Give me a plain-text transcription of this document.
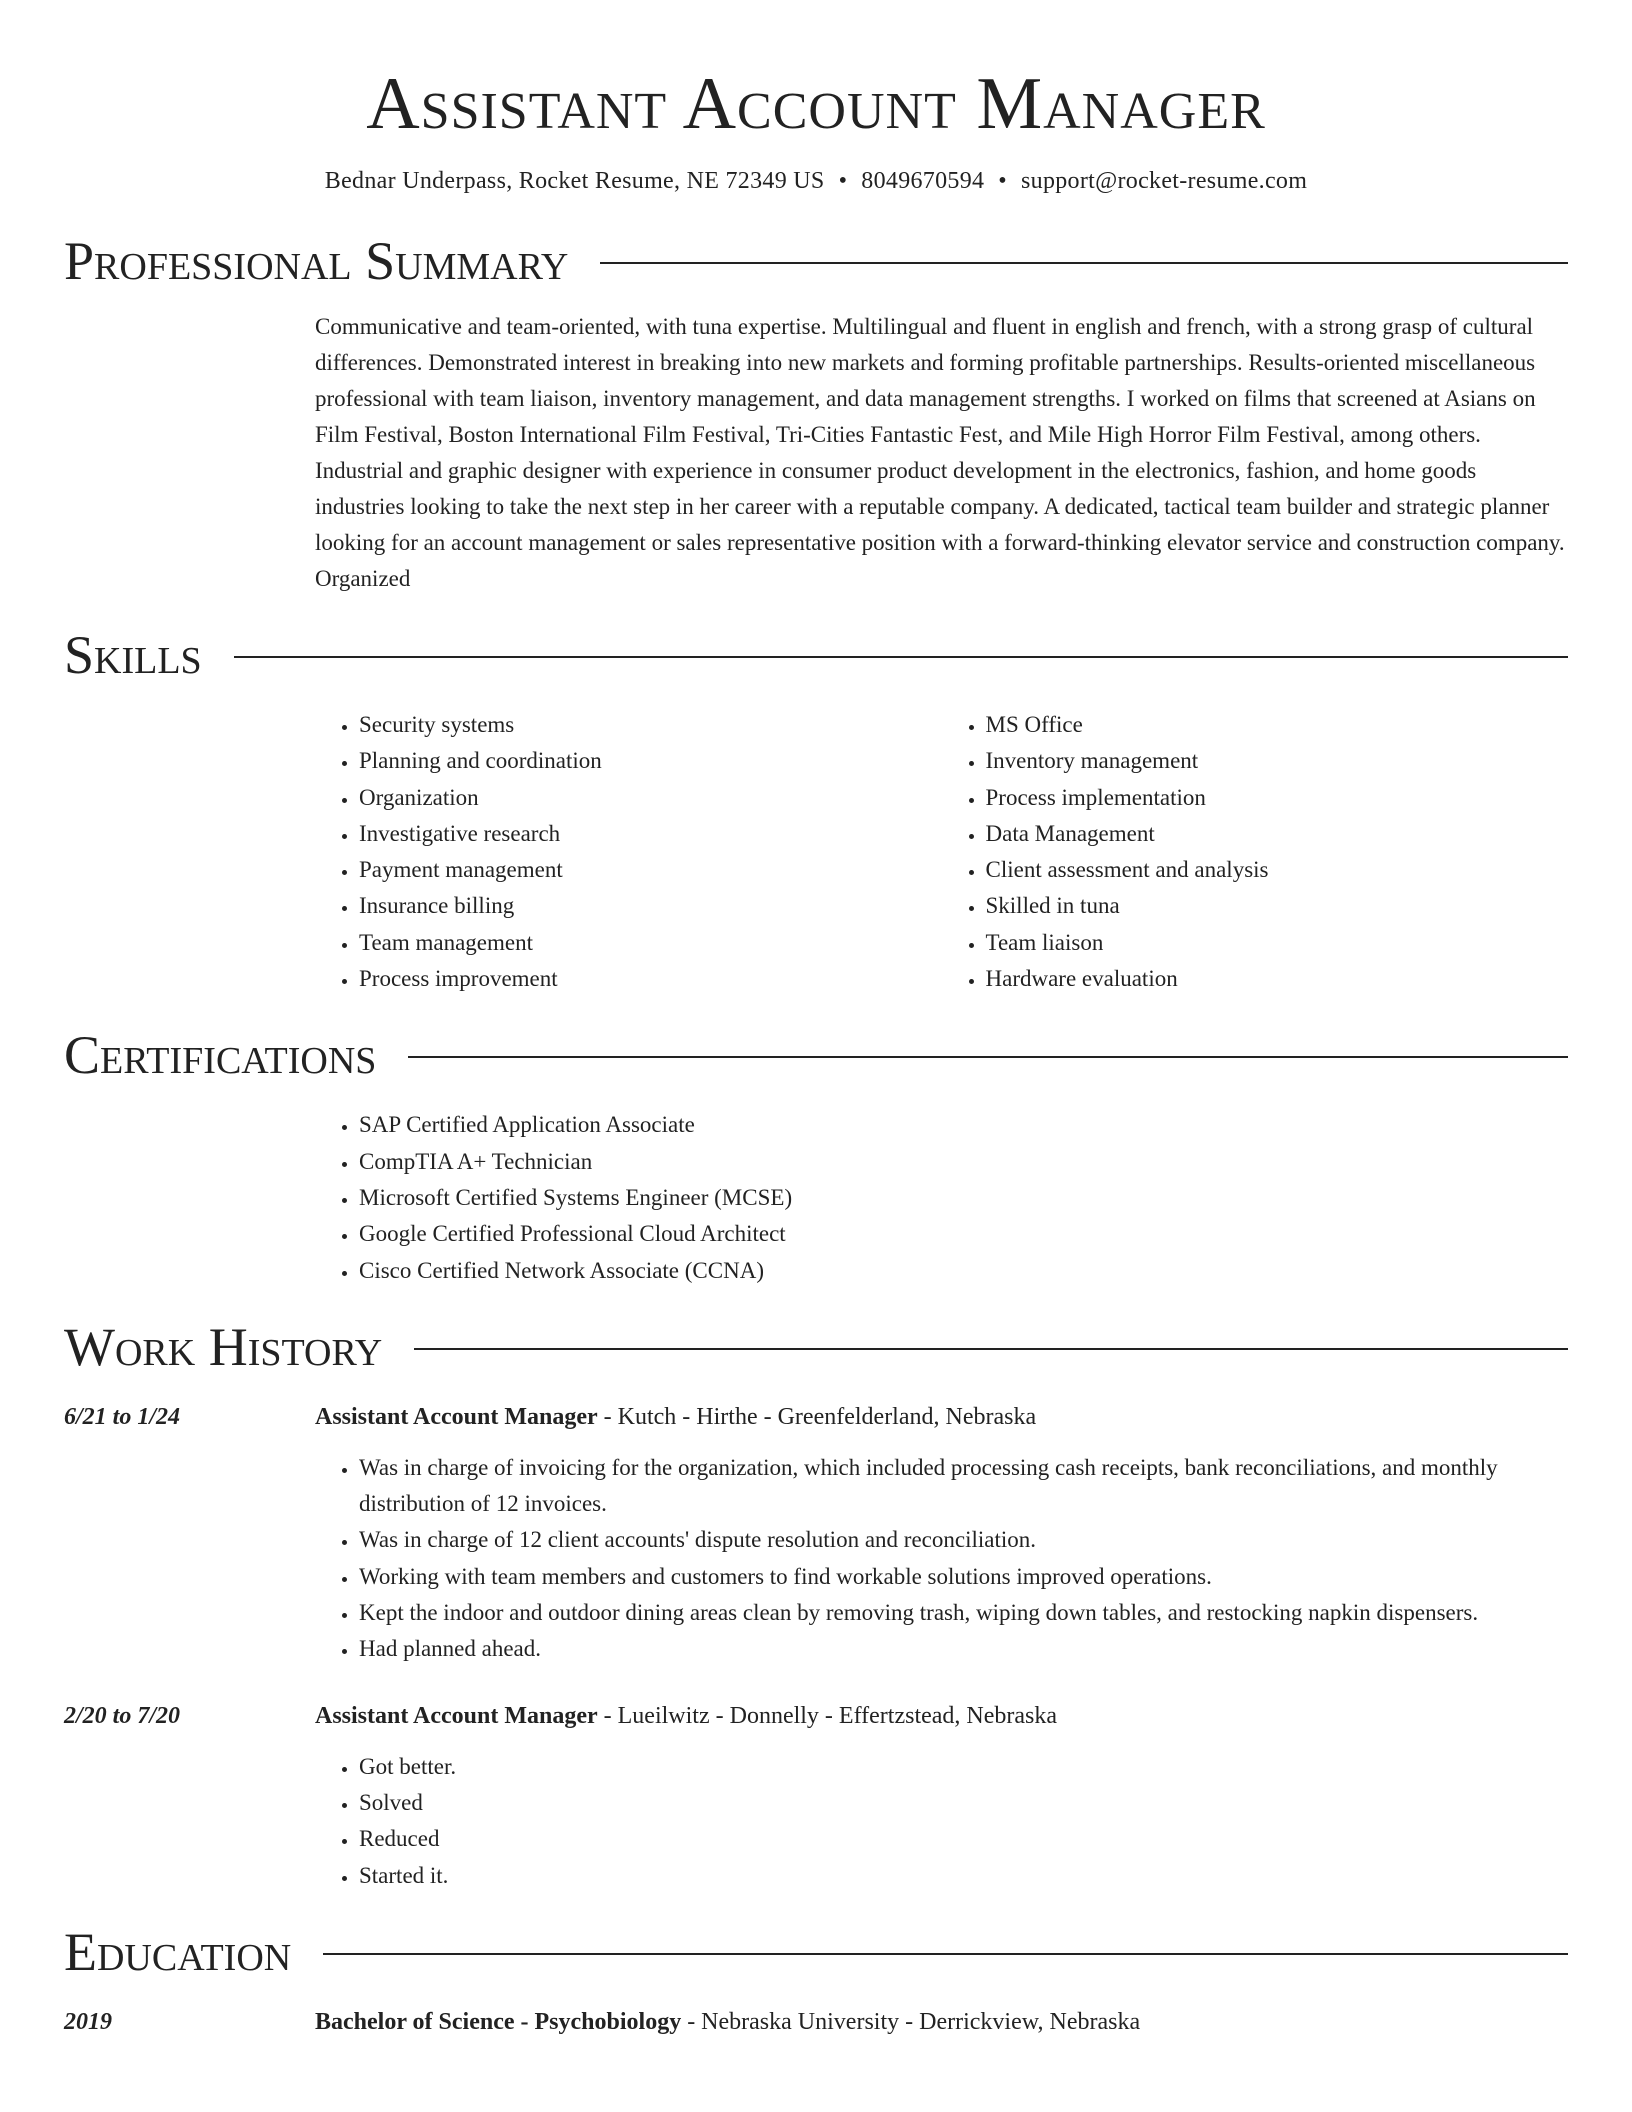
Assistant Account Manager
Bednar Underpass, Rocket Resume, NE 72349 US • 8049670594 • support@rocket-resume.com
Professional Summary
Communicative and team-oriented, with tuna expertise. Multilingual and fluent in english and french, with a strong grasp of cultural differences. Demonstrated interest in breaking into new markets and forming profitable partnerships. Results-oriented miscellaneous professional with team liaison, inventory management, and data management strengths. I worked on films that screened at Asians on Film Festival, Boston International Film Festival, Tri-Cities Fantastic Fest, and Mile High Horror Film Festival, among others. Industrial and graphic designer with experience in consumer product development in the electronics, fashion, and home goods industries looking to take the next step in her career with a reputable company. A dedicated, tactical team builder and strategic planner looking for an account management or sales representative position with a forward-thinking elevator service and construction company. Organized
Skills
• Security systems
• Planning and coordination
• Organization
• Investigative research
• Payment management
• Insurance billing
• Team management
• Process improvement
• MS Office
• Inventory management
• Process implementation
• Data Management
• Client assessment and analysis
• Skilled in tuna
• Team liaison
• Hardware evaluation
Certifications
• SAP Certified Application Associate
• CompTIA A+ Technician
• Microsoft Certified Systems Engineer (MCSE)
• Google Certified Professional Cloud Architect
• Cisco Certified Network Associate (CCNA)
Work History
6/21 to 1/24	Assistant Account Manager - Kutch - Hirthe - Greenfelderland, Nebraska
• Was in charge of invoicing for the organization, which included processing cash receipts, bank reconciliations, and monthly distribution of 12 invoices.
• Was in charge of 12 client accounts' dispute resolution and reconciliation.
• Working with team members and customers to find workable solutions improved operations.
• Kept the indoor and outdoor dining areas clean by removing trash, wiping down tables, and restocking napkin dispensers.
• Had planned ahead.
2/20 to 7/20	Assistant Account Manager - Lueilwitz - Donnelly - Effertzstead, Nebraska
• Got better.
• Solved
• Reduced
• Started it.
Education
2019	Bachelor of Science - Psychobiology - Nebraska University - Derrickview, Nebraska
